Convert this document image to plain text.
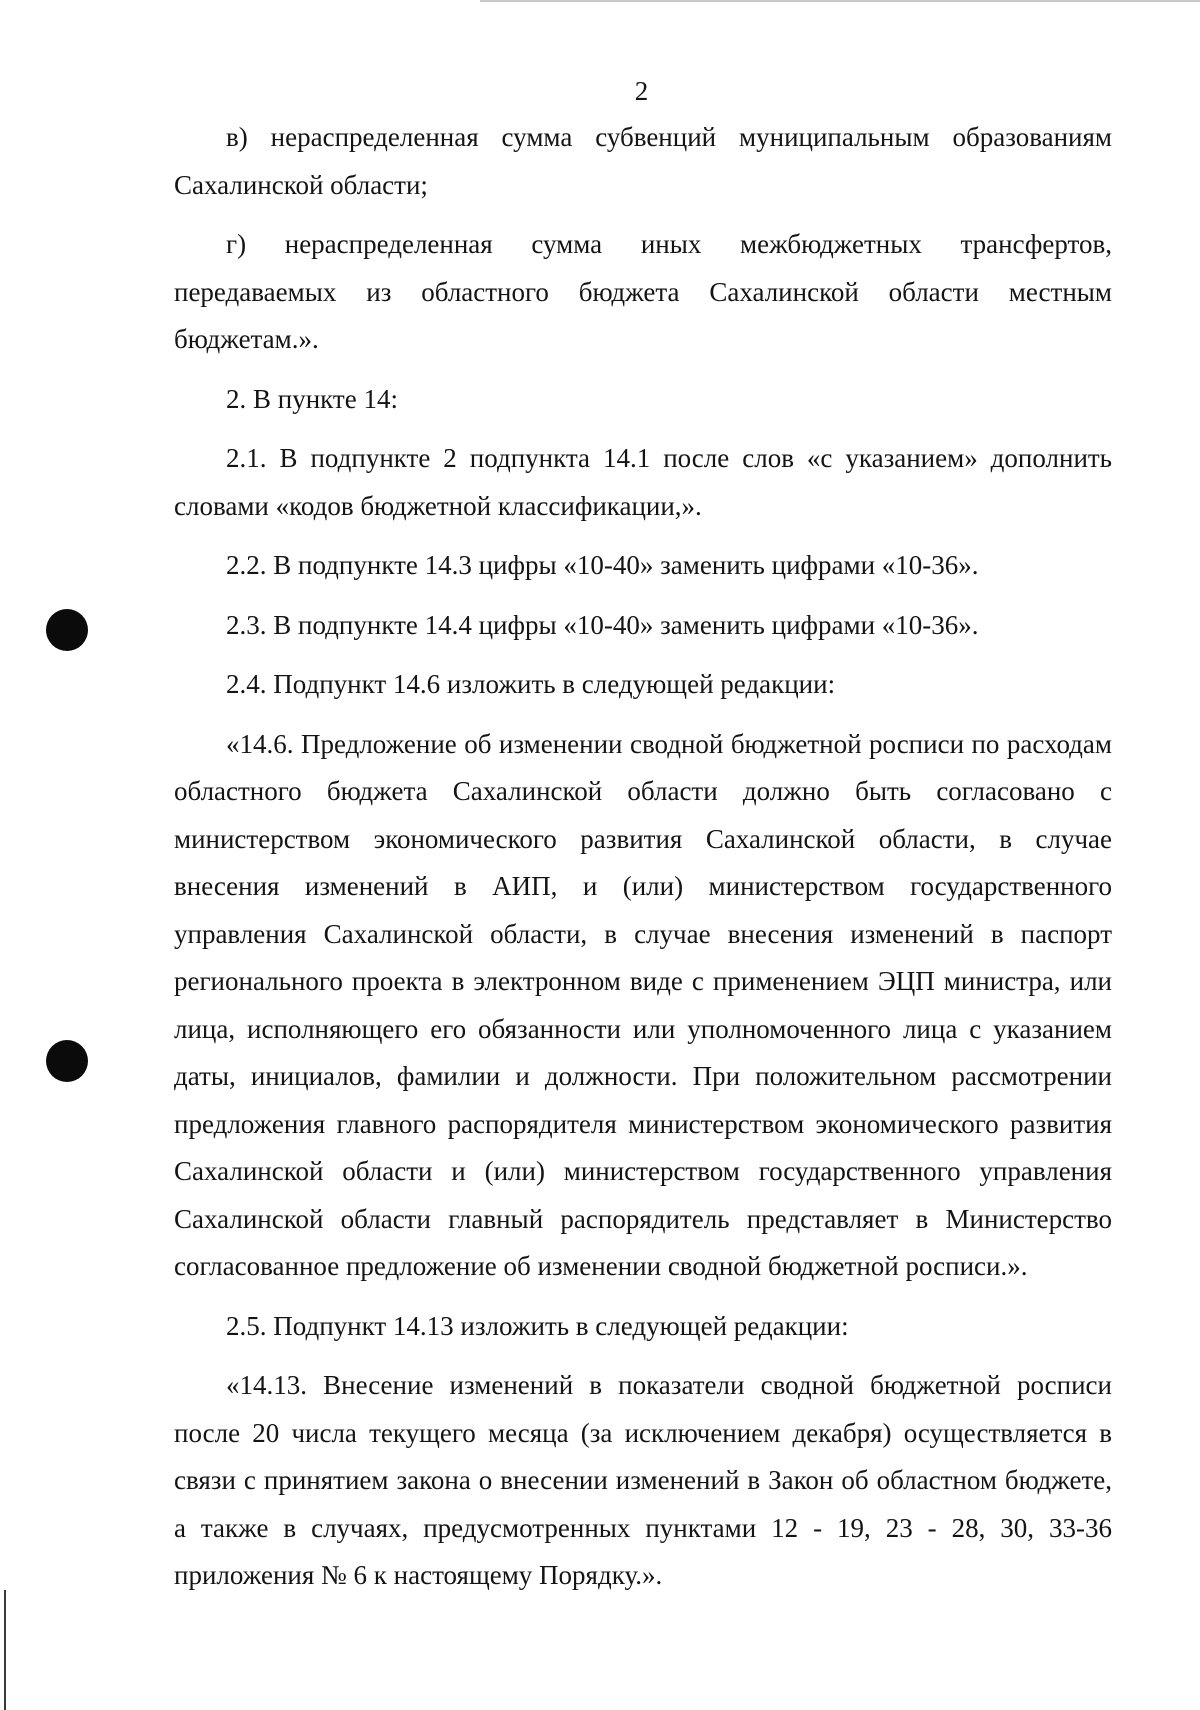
2

в) нераспределенная сумма субвенций муниципальным образованиям Сахалинской области;

г) нераспределенная сумма иных межбюджетных трансфертов, передаваемых из областного бюджета Сахалинской области местным бюджетам.».

2. В пункте 14:

2.1. В подпункте 2 подпункта 14.1 после слов «с указанием» дополнить словами «кодов бюджетной классификации,».

2.2. В подпункте 14.3 цифры «10-40» заменить цифрами «10-36».

2.3. В подпункте 14.4 цифры «10-40» заменить цифрами «10-36».

2.4. Подпункт 14.6 изложить в следующей редакции:

«14.6. Предложение об изменении сводной бюджетной росписи по расходам областного бюджета Сахалинской области должно быть согласовано с министерством экономического развития Сахалинской области, в случае внесения изменений в АИП, и (или) министерством государственного управления Сахалинской области, в случае внесения изменений в паспорт регионального проекта в электронном виде с применением ЭЦП министра, или лица, исполняющего его обязанности или уполномоченного лица с указанием даты, инициалов, фамилии и должности. При положительном рассмотрении предложения главного распорядителя министерством экономического развития Сахалинской области и (или) министерством государственного управления Сахалинской области главный распорядитель представляет в Министерство согласованное предложение об изменении сводной бюджетной росписи.».

2.5. Подпункт 14.13 изложить в следующей редакции:

«14.13. Внесение изменений в показатели сводной бюджетной росписи после 20 числа текущего месяца (за исключением декабря) осуществляется в связи с принятием закона о внесении изменений в Закон об областном бюджете, а также в случаях, предусмотренных пунктами 12 - 19, 23 - 28, 30, 33-36 приложения № 6 к настоящему Порядку.».
